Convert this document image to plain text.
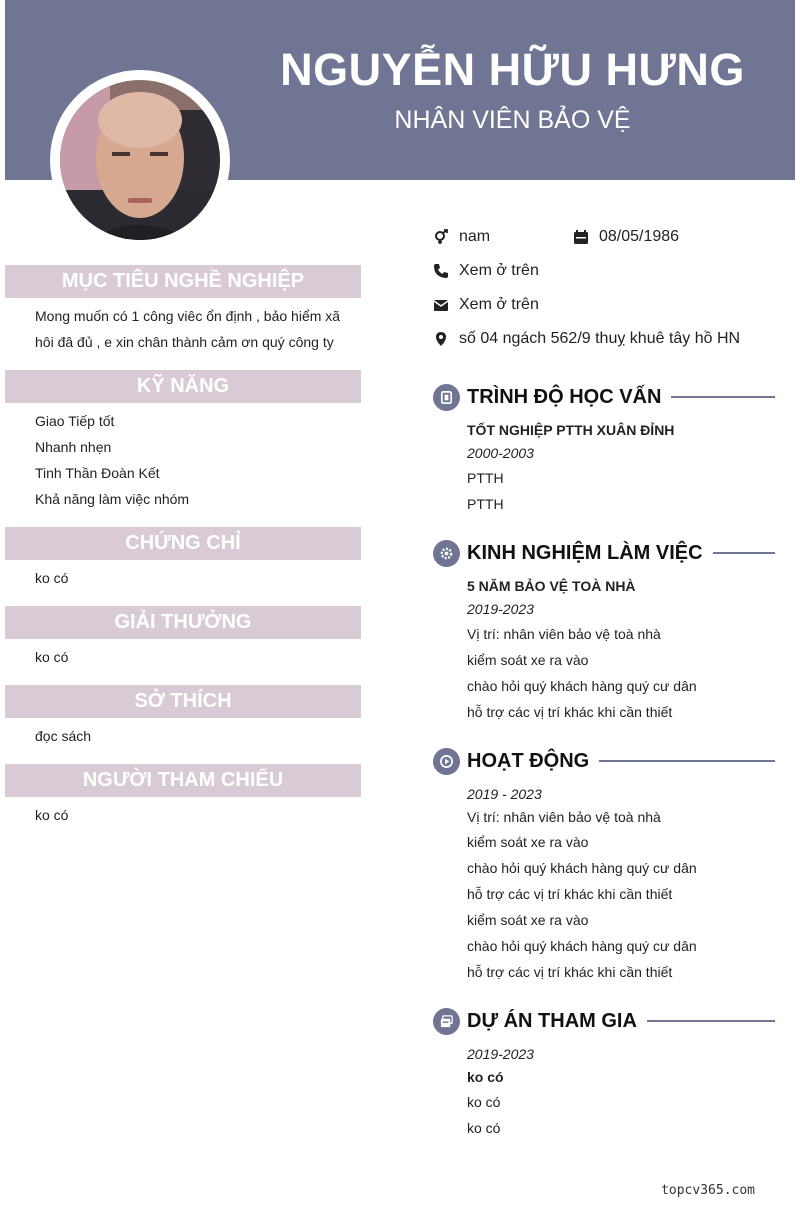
NGUYỄN HỮU HƯNG
NHÂN VIÊN BẢO VỆ
MỤC TIÊU NGHỀ NGHIỆP
Mong muốn có 1 công viêc ổn định , bảo hiểm xã
hôi đâ đủ , e xin chân thành cảm ơn quý công ty
KỸ NĂNG
Giao Tiếp tốt
Nhanh nhẹn
Tinh Thần Đoàn Kết
Khả năng làm việc nhóm
CHỨNG CHỈ
ko có
GIẢI THƯỞNG
ko có
SỞ THÍCH
đọc sách
NGƯỜI THAM CHIẾU
ko có
nam	08/05/1986
Xem ở trên
Xem ở trên
số 04 ngách 562/9 thuỵ khuê tây hồ HN
TRÌNH ĐỘ HỌC VẤN
TỐT NGHIỆP PTTH XUÂN ĐỈNH
2000-2003
PTTH
PTTH
KINH NGHIỆM LÀM VIỆC
5 NĂM BẢO VỆ TOÀ NHÀ
2019-2023
Vị trí: nhân viên bảo vệ toà nhà
kiểm soát xe ra vào
chào hỏi quý khách hàng quý cư dân
hỗ trợ các vị trí khác khi cần thiết
HOẠT ĐỘNG
2019 - 2023
Vị trí: nhân viên bảo vệ toà nhà
kiểm soát xe ra vào
chào hỏi quý khách hàng quý cư dân
hỗ trợ các vị trí khác khi cần thiết
kiểm soát xe ra vào
chào hỏi quý khách hàng quý cư dân
hỗ trợ các vị trí khác khi cần thiết
DỰ ÁN THAM GIA
2019-2023
ko có
ko có
ko có
topcv365.com
